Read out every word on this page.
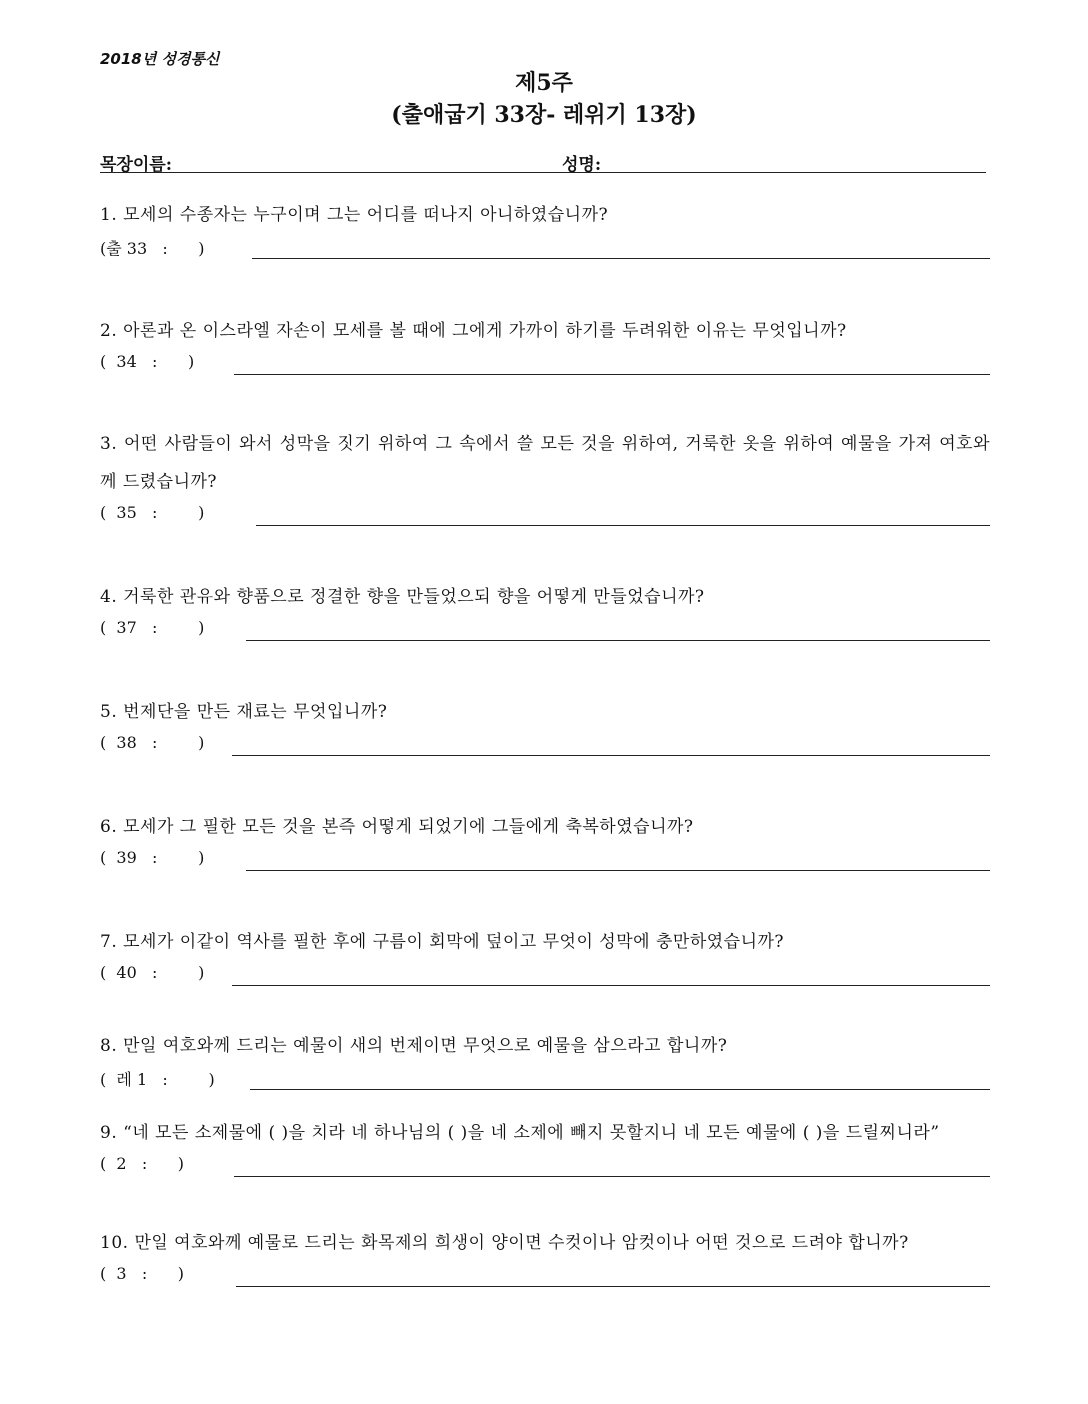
2018년 성경통신
제5주
(출애굽기 33장- 레위기 13장)
목장이름:	성명:
1. 모세의 수종자는 누구이며 그는 어디를 떠나지 아니하였습니까?
(출 33   :      )
2. 아론과 온 이스라엘 자손이 모세를 볼 때에 그에게 가까이 하기를 두려워한 이유는 무엇입니까?
(  34   :      )
3. 어떤 사람들이 와서 성막을 짓기 위하여 그 속에서 쓸 모든 것을 위하여, 거룩한 옷을 위하여 예물을 가져 여호와께 드렸습니까?
(  35   :        )
4. 거룩한 관유와 향품으로 정결한 향을 만들었으되 향을 어떻게 만들었습니까?
(  37   :        )
5. 번제단을 만든 재료는 무엇입니까?
(  38   :        )
6. 모세가 그 필한 모든 것을 본즉 어떻게 되었기에 그들에게 축복하였습니까?
(  39   :        )
7. 모세가 이같이 역사를 필한 후에 구름이 회막에 덮이고 무엇이 성막에 충만하였습니까?
(  40   :        )
8. 만일 여호와께 드리는 예물이 새의 번제이면 무엇으로 예물을 삼으라고 합니까?
(  레 1   :        )
9. “네 모든 소제물에 ( )을 치라 네 하나님의 ( )을 네 소제에 빼지 못할지니 네 모든 예물에 ( )을 드릴찌니라”
(  2   :      )
10. 만일 여호와께 예물로 드리는 화목제의 희생이 양이면 수컷이나 암컷이나 어떤 것으로 드려야 합니까?
(  3   :      )
